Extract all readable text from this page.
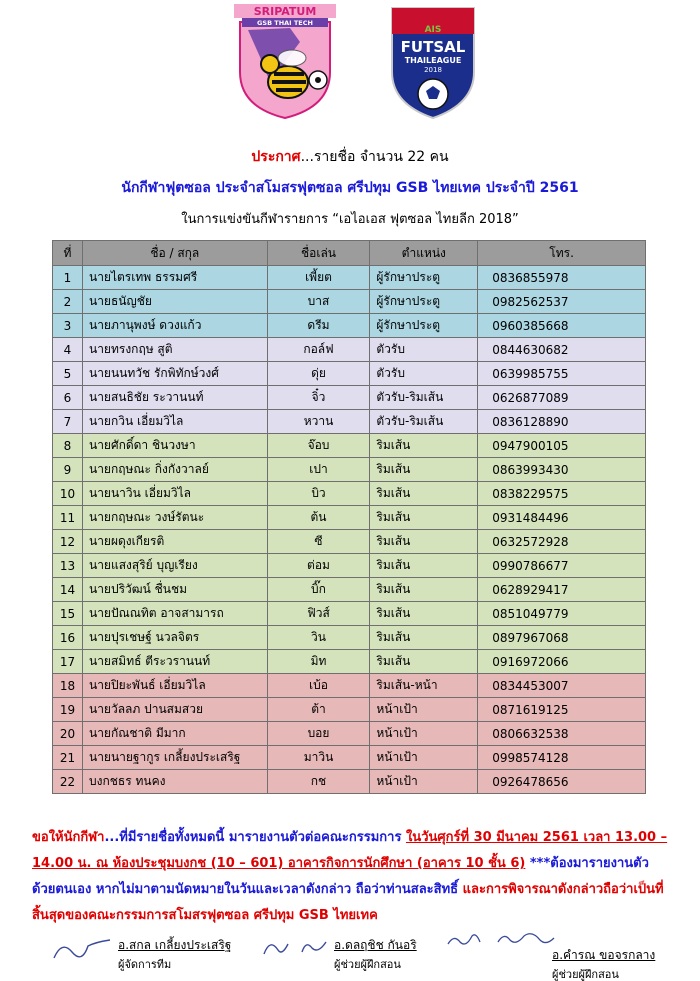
SRIPATUM
GSB THAI TECH
AIS
FUTSAL
THAILEAGUE
2018
ประกาศ...รายชื่อ จำนวน 22 คน
นักกีฬาฟุตซอล ประจำสโมสรฟุตซอล ศรีปทุม GSB ไทยเทค ประจำปี 2561
ในการแข่งขันกีฬารายการ “เอไอเอส ฟุตซอล ไทยลีก 2018”
ที่	ชื่อ / สกุล	ชื่อเล่น	ตำแหน่ง	โทร.
1	นายไตรเทพ ธรรมศรี	เพี้ยต	ผู้รักษาประตู	0836855978
2	นายธนัญชัย	บาส	ผู้รักษาประตู	0982562537
3	นายภานุพงษ์ ดวงแก้ว	ดรีม	ผู้รักษาประตู	0960385668
4	นายทรงกฤษ สูติ	กอล์ฟ	ตัวรับ	0844630682
5	นายนนทวัช รักพิทักษ์วงศ์	ดุ่ย	ตัวรับ	0639985755
6	นายสนธิชัย ระวานนท์	จิ๋ว	ตัวรับ-ริมเส้น	0626877089
7	นายกวิน เอี่ยมวิไล	หวาน	ตัวรับ-ริมเส้น	0836128890
8	นายศักดิ์ดา ชินวงษา	จ๊อบ	ริมเส้น	0947900105
9	นายกฤษณะ กิ่งกังวาลย์	เปา	ริมเส้น	0863993430
10	นายนาวิน เอี่ยมวิไล	บิว	ริมเส้น	0838229575
11	นายกฤษณะ วงษ์รัตนะ	ต้น	ริมเส้น	0931484496
12	นายผดุงเกียรติ	ซี	ริมเส้น	0632572928
13	นายแสงสุริย์ บุญเรียง	ต่อม	ริมเส้น	0990786677
14	นายปริวัฒน์ ชื่นชม	บิ๊ก	ริมเส้น	0628929417
15	นายปัณณทิต อาจสามารถ	ฟิวส์	ริมเส้น	0851049779
16	นายปุรเชษฐ์ นวลจิตร	วิน	ริมเส้น	0897967068
17	นายสมิทธ์ ตีระวรานนท์	มิท	ริมเส้น	0916972066
18	นายปิยะพันธ์ เอี่ยมวิไล	เบ้อ	ริมเส้น-หน้า	0834453007
19	นายวัลลภ ปานสมสวย	ต้า	หน้าเป้า	0871619125
20	นายกัณชาติ มีมาก	บอย	หน้าเป้า	0806632538
21	นายนายฐากูร เกลี้ยงประเสริฐ	มาวิน	หน้าเป้า	0998574128
22	บงกชธร ทนคง	กช	หน้าเป้า	0926478656
ขอให้นักกีฬา...ที่มีรายชื่อทั้งหมดนี้ มารายงานตัวต่อคณะกรรมการ ในวันศุกร์ที่ 30 มีนาคม 2561 เวลา 13.00 – 14.00 น. ณ ห้องประชุมบงกช (10 – 601) อาคารกิจการนักศึกษา (อาคาร 10 ชั้น 6) ***ต้องมารายงานตัวด้วยตนเอง หากไม่มาตามนัดหมายในวันและเวลาดังกล่าว ถือว่าท่านสละสิทธิ์ และการพิจารณาดังกล่าวถือว่าเป็นที่สิ้นสุดของคณะกรรมการสโมสรฟุตซอล ศรีปทุม GSB ไทยเทค
อ.สกล เกลี้ยงประเสริฐ
ผู้จัดการทีม
อ.ดลฤชิช กันอริ
ผู้ช่วยผู้ฝึกสอน
อ.คำรณ ขอจรกลาง
ผู้ช่วยผู้ฝึกสอน
